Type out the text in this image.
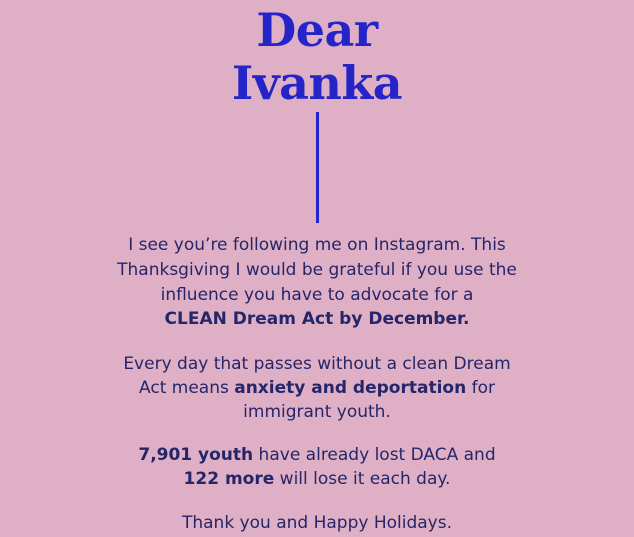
Dear
Ivanka
I see you’re following me on Instagram. This
Thanksgiving I would be grateful if you use the
influence you have to advocate for a
CLEAN Dream Act by December.
Every day that passes without a clean Dream
Act means anxiety and deportation for
immigrant youth.
7,901 youth have already lost DACA and
122 more will lose it each day.
Thank you and Happy Holidays.
